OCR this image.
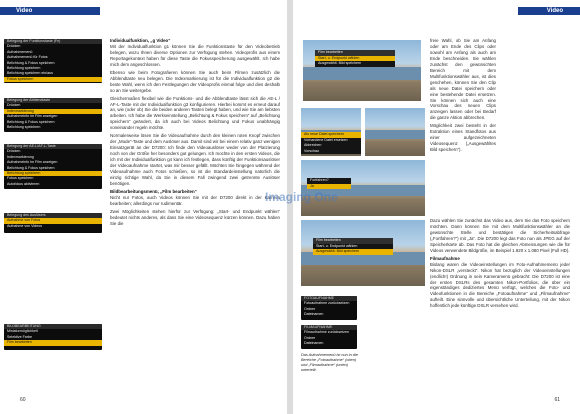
Video
Belegung der Funktionstaste (Fn)
Drücken
Aufnahmemenü
Aufnahmemenü für Fotos
Belichtung & Fokus speichern
Belichtung speichern
Belichtung speichern ein/aus
Fokus speichern
Belegung der Abblendtaste
Drücken
Indexmarkierung
Aufnahmeinfo im Film anzeigen
Belichtung & Fokus speichern
Belichtung speichern
Belegung der AE-L/AF-L-Taste
Drücken
Indexmarkierung
Aufnahmeinfo im Film anzeigen
Belichtung & Fokus speichern
Belichtung speichern
Fokus speichern
Autofokus aktivieren
Belegung des Auslösers
Aufnahme von Fotos
Aufnahme von Videos
BILDBEARBEITUNG
Miniaturmöglichkeit
Selektive Farbe
Film bearbeiten

Individualfunktion, „g Video“
Mit der Individualfunktion g1 können Sie die Funktionstaste für den Videobetrieb belegen, wozu Ihnen diverse Optionen zur Verfügung stehen. Videoprofis aus einem Reportagekontext haben für diese Taste die Fokusspeicherung ausgewählt. Ich habe mich dem angeschlossen.

Ebenso wie beim Fotografieren können Sie auch beim Filmen zusätzlich die Abblendtaste neu belegen. Die Indexmarkierung ist für die Individualfunktion g2 die beste Wahl, wenn ich den Festlegungen der Videoprofis einmal folge und dies deshalb so an Sie weitergebe.

Gleichermaßen flexibel wie die Funktions- und die Abblendtaste lässt sich die AE-L / AF-L-Taste mit der Individualfunktion g3 konfigurieren. Hierbei kommt es erneut darauf an, wie (oder ob) Sie die beiden anderen Tasten belegt haben, und wie Sie am liebsten arbeiten. Ich habe die Werkseinstellung „Belichtung & Fokus speichern“ auf „Belichtung speichern“ geändert, da ich auch bei Videos Belichtung und Fokus unabhängig voneinander regeln möchte.

Normalerweise lösen Sie die Videoaufnahme durch den kleinen roten Knopf zwischen der „Mode“-Taste und dem Auslöser aus. Damit sind wir bei einem relativ ganz wenigen Einsatzgerät an der D7200: Ich finde den Videoauslöser weder von der Platzierung noch von der Größe her besonders gut gelungen. Ich mochte in den ersten Videos, die ich mit der Individualfunktion g4 kann ich festlegen, dass künftig der Funktionsauslöser der Videoaufnahme startet, was mir besser gefällt. Möchten Sie hingegen während der Videoaufnahme auch Fotos schießen, so ist die Standardeinstellung natürlich die einzig richtige Wahl, da Sie in diesem Fall zwingend zwei getrennte Auslöser benötigen.

Bildbearbeitungsmenü, „Film bearbeiten“
Nicht nur Fotos, auch Videos können Sie mit der D7200 direkt in der Kamera bearbeiten; allerdings nur rudimentär.

Zwei Möglichkeiten stehen hierfür zur Verfügung: „Start- und Endpunkt wählen“ bedeutet nichts anderes, als dass Sie eine Videosequenz kürzen können. Dazu haben Sie die

60
Video
Film bearbeiten
Start- u. Endpunkt wählen
Ausgewählt. Bild speichern
Als neue Datei speichern
Vorhandene Datei ersetzen
Abbrechen
Vorschau
Fortfahren?
Ja
Film bearbeiten
Start- u. Endpunkt wählen
Ausgewählt. Bild speichern
FOTOAUFNAHME
Fotoaufnahme zurücksetzen
Ordner
Dateinamen
FILMAUFNAHME
Filmaufnahme zurücksetzen
Ordner
Dateinamen
Das Aufnahmemenü ist nun in die Bereiche „Fotoaufnahme“ (oben) und „Filmaufnahme“ (unten) unterteilt.

freie Wahl, ob Sie am Anfang oder am Ende des Clips oder sowohl am Anfang als auch am Ende beschneiden. Sie wählen zunächst den gewünschten Bereich mit dem Multifunktionswähler aus, ist dies geschehen, können Sie den Clip als neue Datei speichern oder eine bestehende Datei ersetzen. Sie können sich auch eine Vorschau des neuen Clips anzeigen lassen oder bei Bedarf die ganze Aktion abbrechen.

Möglichkeit zwei besteht in der Extraktion eines Standfotos aus einer aufgezeichneten Videosequenz („Ausgewähltes Bild speichern“).

Dazu wählen Sie zunächst das Video aus, dem Sie das Foto speichern möchten. Dann können Sie mit dem Multifunktionswähler an die gewünschte Stelle und bestätigen die Sicherheitsabfrage („Fortfahren?“) mit „Ja“. Die D7200 legt das Foto nun als JPEG auf der Speicherkarte ab. Das Foto hat die gleichen Abmessungen wie die für Videos verwendete Bildgröße, im Beispiel 1.920 x 1.080 Pixel (Full HD).

Filmaufnahme
Bislang waren die Videoeinstellungen im Foto-Aufnahmemenü jeder Nikon-DSLR „versteckt“. Nikon hat bezüglich der Videoeinstellungen (endlich!) Ordnung in sein Kameramenü gebracht: Die D7200 ist eine der ersten DSLRs des gesamten Nikon-Portfolios, die über ein eigenständiges dediziertes Menü verfügt, welches die Foto- und Videofunktionen in die Bereiche „Fotoaufnahme“ und „Filmaufnahme“ aufteilt. Eine sinnvolle und übersichtliche Unterteilung, mit der Nikon hoffentlich jede künftige DSLR versehen wird.

61
Imaging One
